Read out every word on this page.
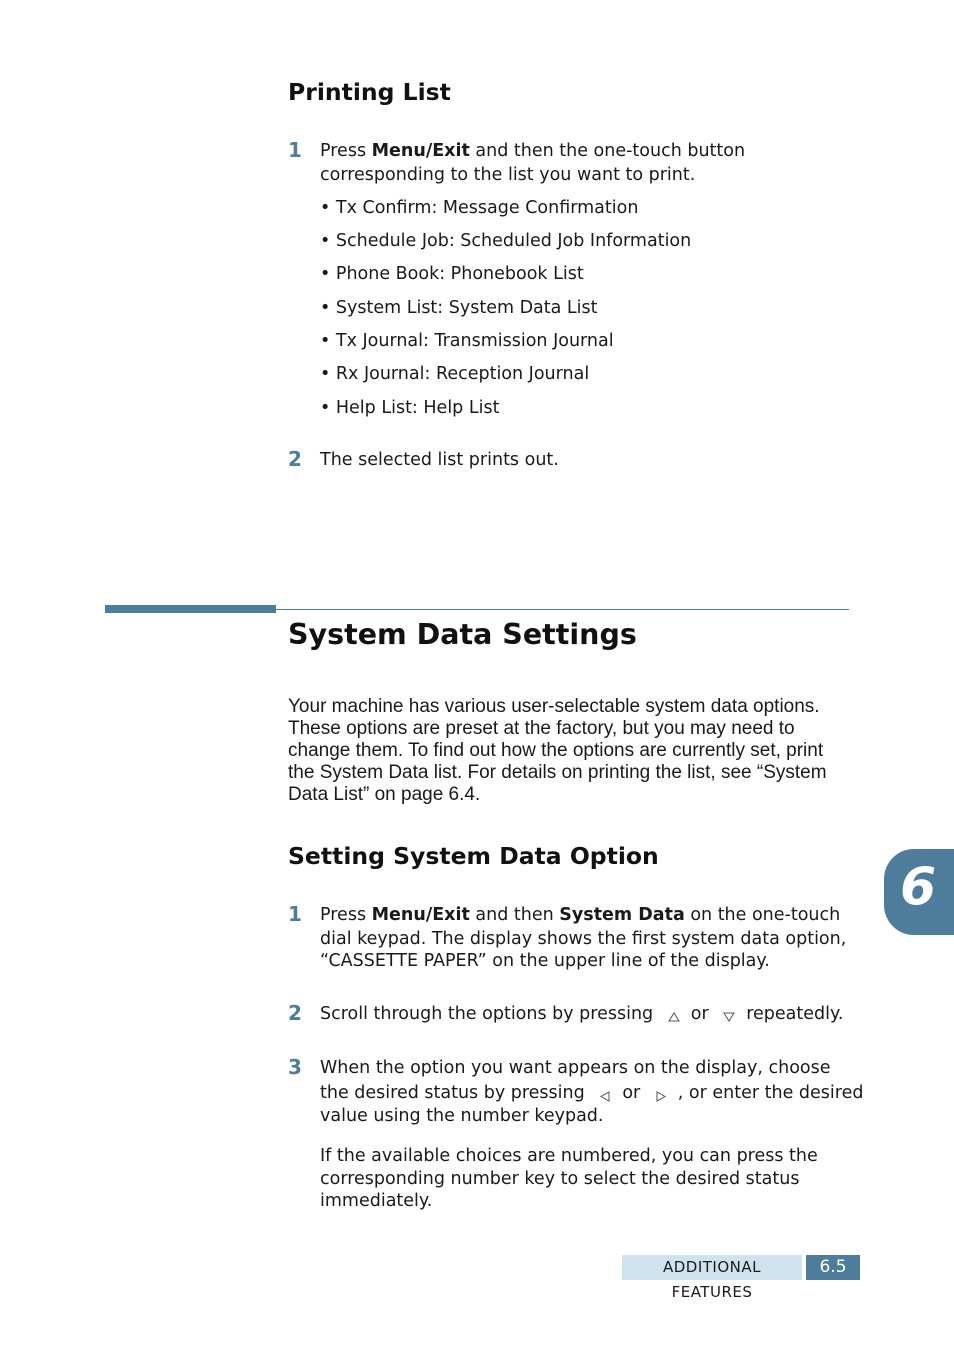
Printing List
1 Press Menu/Exit and then the one-touch button
corresponding to the list you want to print.
• Tx Confirm: Message Confirmation
• Schedule Job: Scheduled Job Information
• Phone Book: Phonebook List
• System List: System Data List
• Tx Journal: Transmission Journal
• Rx Journal: Reception Journal
• Help List: Help List
2 The selected list prints out.
System Data Settings
Your machine has various user-selectable system data options.
These options are preset at the factory, but you may need to
change them. To find out how the options are currently set, print
the System Data list. For details on printing the list, see “System
Data List” on page 6.4.
Setting System Data Option
1 Press Menu/Exit and then System Data on the one-touch
dial keypad. The display shows the first system data option,
“CASSETTE PAPER” on the upper line of the display.
2 Scroll through the options by pressing or repeatedly.
3 When the option you want appears on the display, choose
the desired status by pressing or , or enter the desired
value using the number keypad.
If the available choices are numbered, you can press the
corresponding number key to select the desired status
immediately.
6
ADDITIONAL FEATURES
6.5
